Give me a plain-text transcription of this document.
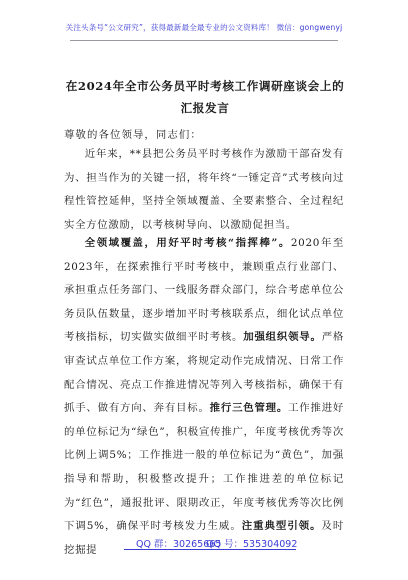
关注头条号“公文研究”，获得最新最全最专业的公文资料库！ 微信：gongwenyj
在2024年全市公务员平时考核工作调研座谈会上的汇报发言
尊敬的各位领导，同志们：
近年来，**县把公务员平时考核作为激励干部奋发有为、担当作为的关键一招，将年终“一锤定音”式考核向过程性管控延伸，坚持全领域覆盖、全要素整合、全过程纪实全方位激励，以考核树导向、以激励促担当。
全领域覆盖，用好平时考核“指挥棒”。2020年至2023年，在探索推行平时考核中，兼顾重点行业部门、承担重点任务部门、一线服务群众部门，综合考虑单位公务员队伍数量，逐步增加平时考核联系点，细化试点单位考核指标，切实做实做细平时考核。加强组织领导。严格审查试点单位工作方案，将规定动作完成情况、日常工作配合情况、亮点工作推进情况等列入考核指标，确保干有抓手、做有方向、奔有目标。推行三色管理。工作推进好的单位标记为“绿色”，积极宣传推广，年度考核优秀等次比例上调5%；工作推进一般的单位标记为“黄色”，加强指导和帮助，积极整改提升；工作推进差的单位标记为“红色”，通报批评、限期改正，年度考核优秀等次比例下调5%，确保平时考核发力生威。注重典型引领。及时挖掘提	QQ 群：30265665
QQ 号：535304092
